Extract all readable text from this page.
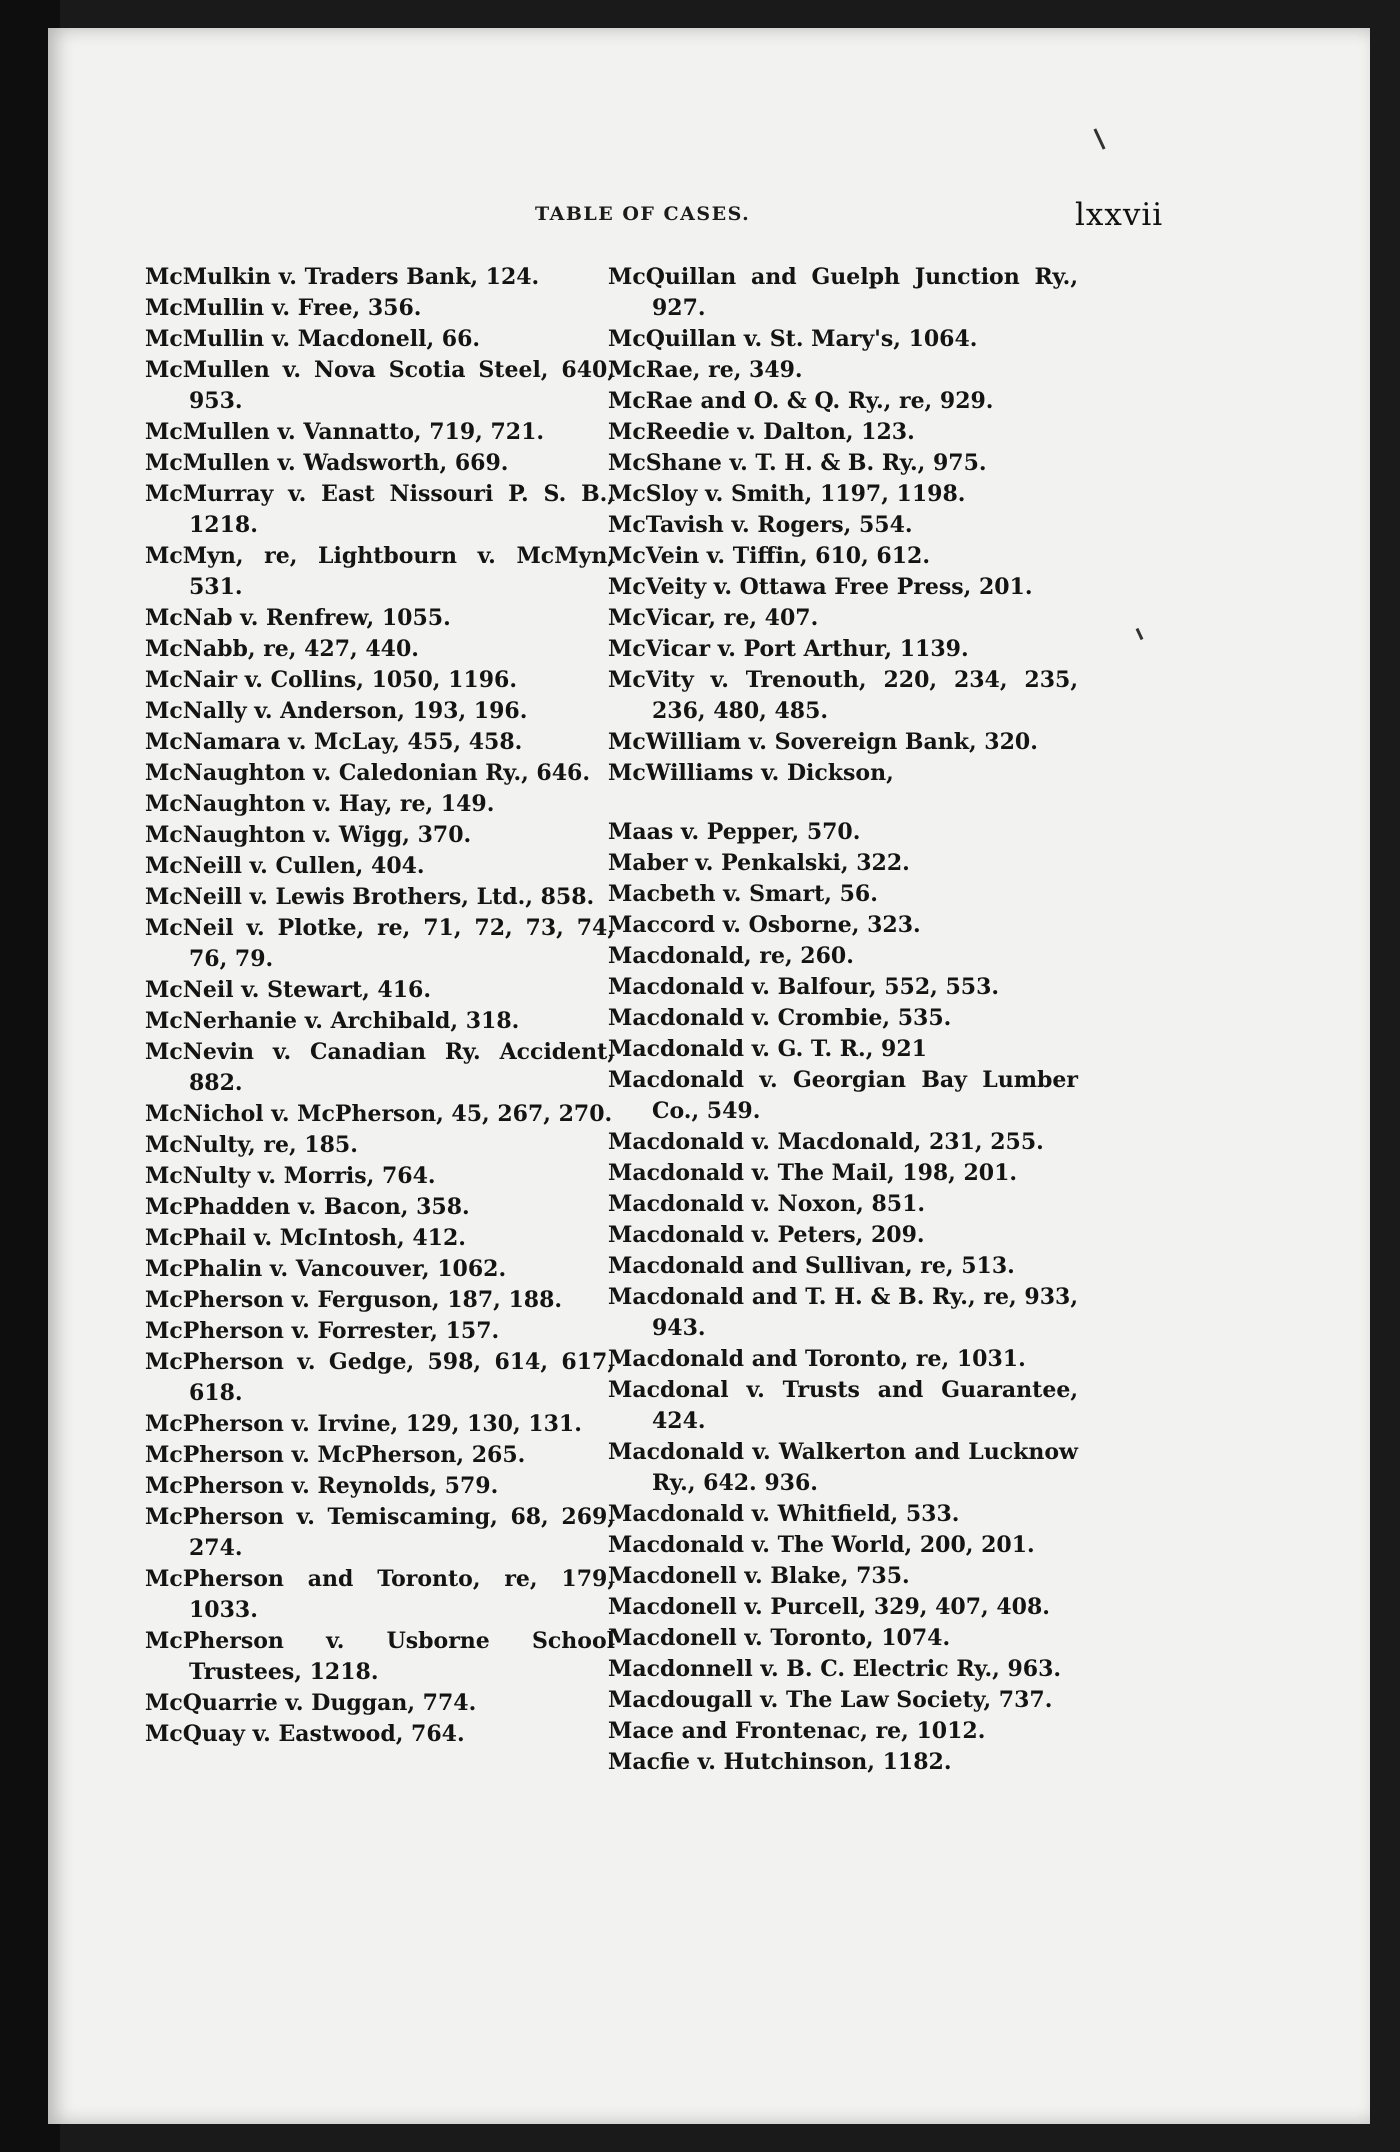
TABLE OF CASES.	lxxvii
McMulkin v. Traders Bank, 124.
McMullin v. Free, 356.
McMullin v. Macdonell, 66.
McMullen v. Nova Scotia Steel, 640, 953.
McMullen v. Vannatto, 719, 721.
McMullen v. Wadsworth, 669.
McMurray v. East Nissouri P. S. B., 1218.
McMyn, re, Lightbourn v. McMyn, 531.
McNab v. Renfrew, 1055.
McNabb, re, 427, 440.
McNair v. Collins, 1050, 1196.
McNally v. Anderson, 193, 196.
McNamara v. McLay, 455, 458.
McNaughton v. Caledonian Ry., 646.
McNaughton v. Hay, re, 149.
McNaughton v. Wigg, 370.
McNeill v. Cullen, 404.
McNeill v. Lewis Brothers, Ltd., 858.
McNeil v. Plotke, re, 71, 72, 73, 74, 76, 79.
McNeil v. Stewart, 416.
McNerhanie v. Archibald, 318.
McNevin v. Canadian Ry. Accident, 882.
McNichol v. McPherson, 45, 267, 270.
McNulty, re, 185.
McNulty v. Morris, 764.
McPhadden v. Bacon, 358.
McPhail v. McIntosh, 412.
McPhalin v. Vancouver, 1062.
McPherson v. Ferguson, 187, 188.
McPherson v. Forrester, 157.
McPherson v. Gedge, 598, 614, 617, 618.
McPherson v. Irvine, 129, 130, 131.
McPherson v. McPherson, 265.
McPherson v. Reynolds, 579.
McPherson v. Temiscaming, 68, 269, 274.
McPherson and Toronto, re, 179, 1033.
McPherson v. Usborne School Trustees, 1218.
McQuarrie v. Duggan, 774.
McQuay v. Eastwood, 764.
McQuillan and Guelph Junction Ry., 927.
McQuillan v. St. Mary's, 1064.
McRae, re, 349.
McRae and O. & Q. Ry., re, 929.
McReedie v. Dalton, 123.
McShane v. T. H. & B. Ry., 975.
McSloy v. Smith, 1197, 1198.
McTavish v. Rogers, 554.
McVein v. Tiffin, 610, 612.
McVeity v. Ottawa Free Press, 201.
McVicar, re, 407.
McVicar v. Port Arthur, 1139.
McVity v. Trenouth, 220, 234, 235, 236, 480, 485.
McWilliam v. Sovereign Bank, 320.
McWilliams v. Dickson,
Maas v. Pepper, 570.
Maber v. Penkalski, 322.
Macbeth v. Smart, 56.
Maccord v. Osborne, 323.
Macdonald, re, 260.
Macdonald v. Balfour, 552, 553.
Macdonald v. Crombie, 535.
Macdonald v. G. T. R., 921
Macdonald v. Georgian Bay Lumber Co., 549.
Macdonald v. Macdonald, 231, 255.
Macdonald v. The Mail, 198, 201.
Macdonald v. Noxon, 851.
Macdonald v. Peters, 209.
Macdonald and Sullivan, re, 513.
Macdonald and T. H. & B. Ry., re, 933, 943.
Macdonald and Toronto, re, 1031.
Macdonal v. Trusts and Guarantee, 424.
Macdonald v. Walkerton and Lucknow Ry., 642. 936.
Macdonald v. Whitfield, 533.
Macdonald v. The World, 200, 201.
Macdonell v. Blake, 735.
Macdonell v. Purcell, 329, 407, 408.
Macdonell v. Toronto, 1074.
Macdonnell v. B. C. Electric Ry., 963.
Macdougall v. The Law Society, 737.
Mace and Frontenac, re, 1012.
Macfie v. Hutchinson, 1182.
